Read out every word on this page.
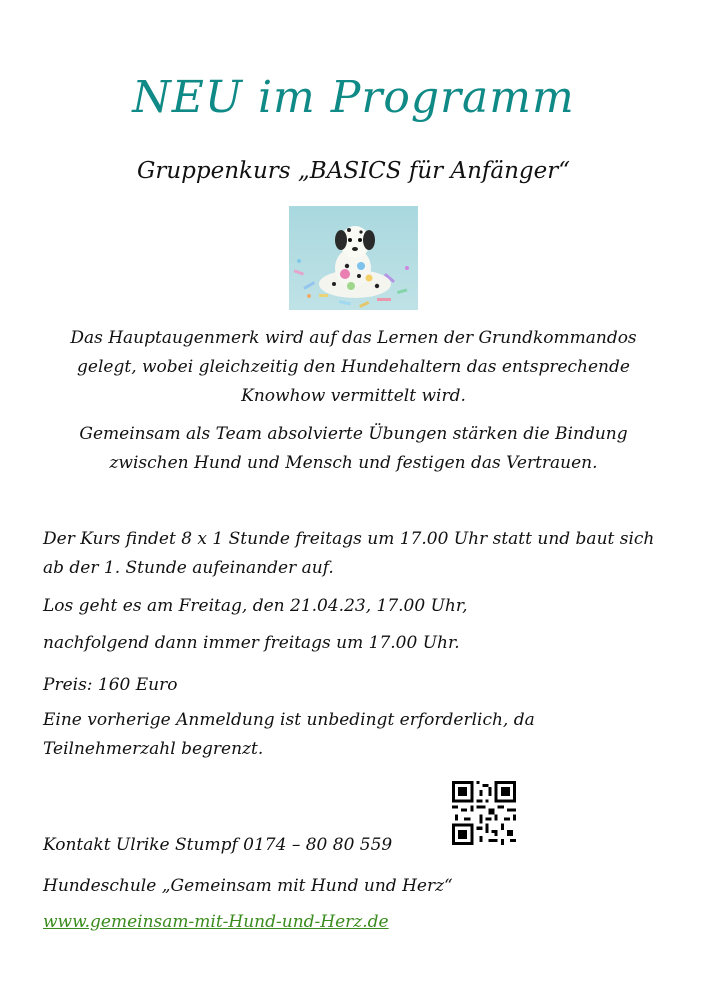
NEU im Programm
Gruppenkurs „BASICS für Anfänger“
Das Hauptaugenmerk wird auf das Lernen der Grundkommandos gelegt, wobei gleichzeitig den Hundehaltern das entsprechende Knowhow vermittelt wird.
Gemeinsam als Team absolvierte Übungen stärken die Bindung zwischen Hund und Mensch und festigen das Vertrauen.
Der Kurs findet 8 x 1 Stunde freitags um 17.00 Uhr statt und baut sich ab der 1. Stunde aufeinander auf.
Los geht es am Freitag, den 21.04.23, 17.00 Uhr,
nachfolgend dann immer freitags um 17.00 Uhr.
Preis: 160 Euro
Eine vorherige Anmeldung ist unbedingt erforderlich, da Teilnehmerzahl begrenzt.
Kontakt Ulrike Stumpf 0174 – 80 80 559
Hundeschule „Gemeinsam mit Hund und Herz“
www.gemeinsam-mit-Hund-und-Herz.de
